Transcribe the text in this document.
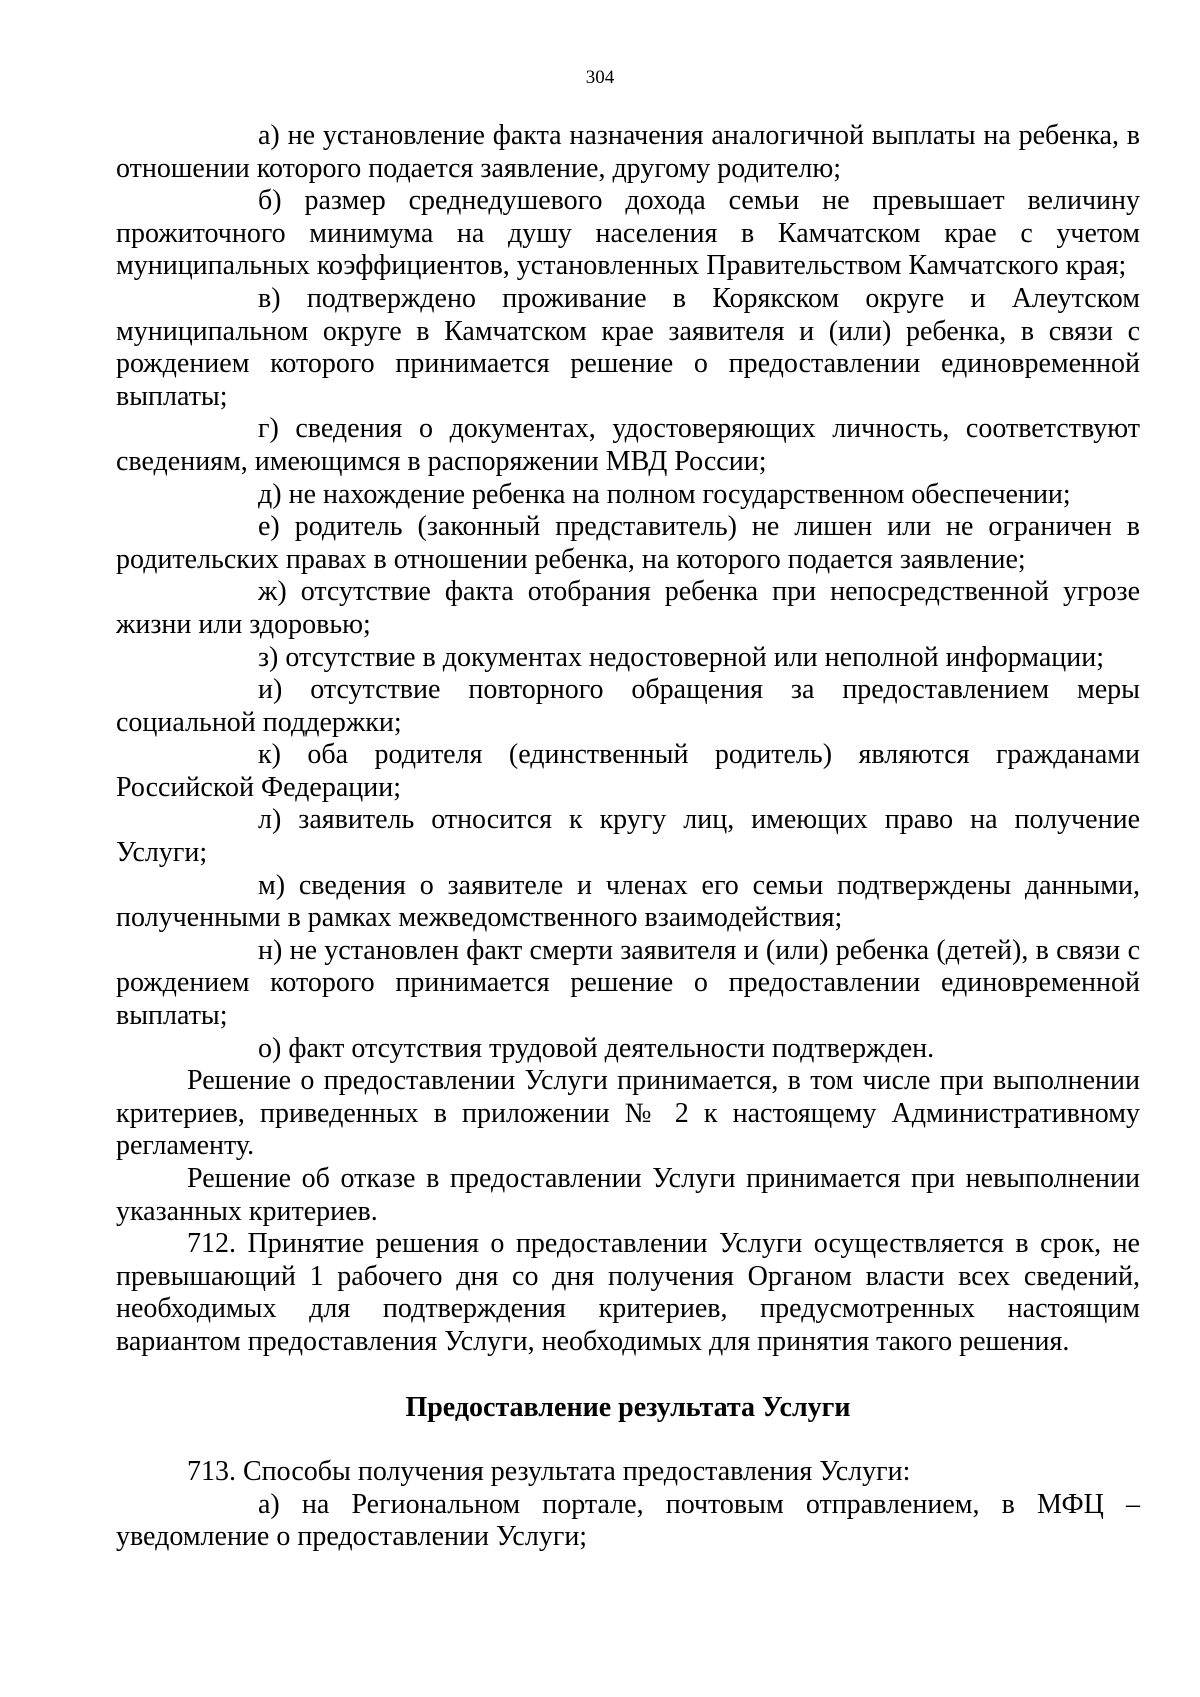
304

а) не установление факта назначения аналогичной выплаты на ребенка, в отношении которого подается заявление, другому родителю;

б) размер среднедушевого дохода семьи не превышает величину прожиточного минимума на душу населения в Камчатском крае с учетом муниципальных коэффициентов, установленных Правительством Камчатского края;

в) подтверждено проживание в Корякском округе и Алеутском муниципальном округе в Камчатском крае заявителя и (или) ребенка, в связи с рождением которого принимается решение о предоставлении единовременной выплаты;

г) сведения о документах, удостоверяющих личность, соответствуют сведениям, имеющимся в распоряжении МВД России;

д) не нахождение ребенка на полном государственном обеспечении;

е) родитель (законный представитель) не лишен или не ограничен в родительских правах в отношении ребенка, на которого подается заявление;

ж) отсутствие факта отобрания ребенка при непосредственной угрозе жизни или здоровью;

з) отсутствие в документах недостоверной или неполной информации;

и) отсутствие повторного обращения за предоставлением меры социальной поддержки;

к) оба родителя (единственный родитель) являются гражданами Российской Федерации;

л) заявитель относится к кругу лиц, имеющих право на получение Услуги;

м) сведения о заявителе и членах его семьи подтверждены данными, полученными в рамках межведомственного взаимодействия;

н) не установлен факт смерти заявителя и (или) ребенка (детей), в связи с рождением которого принимается решение о предоставлении единовременной выплаты;

о) факт отсутствия трудовой деятельности подтвержден.

Решение о предоставлении Услуги принимается, в том числе при выполнении критериев, приведенных в приложении № 2 к настоящему Административному регламенту.

Решение об отказе в предоставлении Услуги принимается при невыполнении указанных критериев.

712. Принятие решения о предоставлении Услуги осуществляется в срок, не превышающий 1 рабочего дня со дня получения Органом власти всех сведений, необходимых для подтверждения критериев, предусмотренных настоящим вариантом предоставления Услуги, необходимых для принятия такого решения.

Предоставление результата Услуги

713. Способы получения результата предоставления Услуги:

а) на Региональном портале, почтовым отправлением, в МФЦ – уведомление о предоставлении Услуги;
